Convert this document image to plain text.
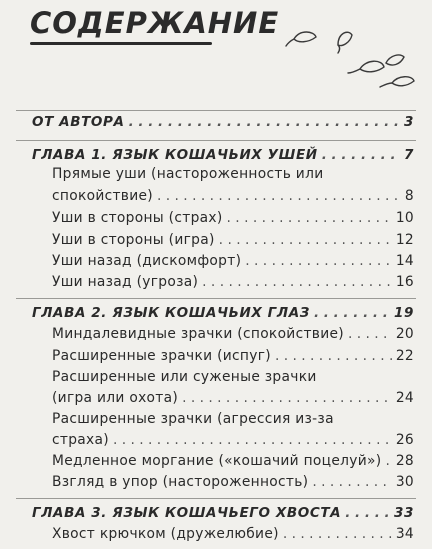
СОДЕРЖАНИЕ
ОТ АВТОРА . . .	3
ГЛАВА 1. ЯЗЫК КОШАЧЬИХ УШЕЙ . . .	7
Прямые уши (настороженность или
спокойствие) . . .	8
Уши в стороны (страх) . . .	10
Уши в стороны (игра) . . .	12
Уши назад (дискомфорт) . . .	14
Уши назад (угроза) . . .	16
ГЛАВА 2. ЯЗЫК КОШАЧЬИХ ГЛАЗ . . .	19
Миндалевидные зрачки (спокойствие) . . .	20
Расширенные зрачки (испуг) . . .	22
Расширенные или суженые зрачки
(игра или охота) . . .	24
Расширенные зрачки (агрессия из-за
страха) . . .	26
Медленное моргание («кошачий поцелуй») . . . 28
Взгляд в упор (настороженность) . . .	30
ГЛАВА 3. ЯЗЫК КОШАЧЬЕГО ХВОСТА . . .	33
Хвост крючком (дружелюбие) . . .	34
